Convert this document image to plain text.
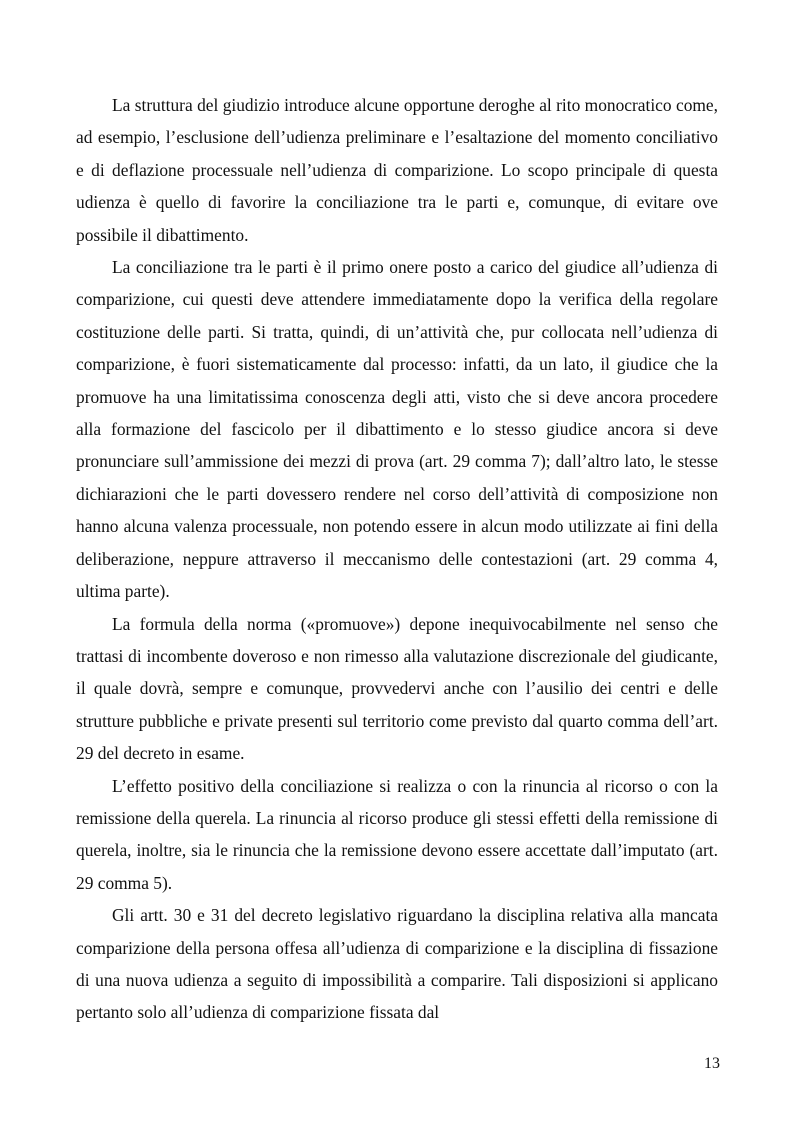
La struttura del giudizio introduce alcune opportune deroghe al rito monocratico come, ad esempio, l’esclusione dell’udienza preliminare e l’esaltazione del momento conciliativo e di deflazione processuale nell’udienza di comparizione. Lo scopo principale di questa udienza è quello di favorire la conciliazione tra le parti e, comunque, di evitare ove possibile il dibattimento.

La conciliazione tra le parti è il primo onere posto a carico del giudice all’udienza di comparizione, cui questi deve attendere immediatamente dopo la verifica della regolare costituzione delle parti. Si tratta, quindi, di un’attività che, pur collocata nell’udienza di comparizione, è fuori sistematicamente dal processo: infatti, da un lato, il giudice che la promuove ha una limitatissima conoscenza degli atti, visto che si deve ancora procedere alla formazione del fascicolo per il dibattimento e lo stesso giudice ancora si deve pronunciare sull’ammissione dei mezzi di prova (art. 29 comma 7); dall’altro lato, le stesse dichiarazioni che le parti dovessero rendere nel corso dell’attività di composizione non hanno alcuna valenza processuale, non potendo essere in alcun modo utilizzate ai fini della deliberazione, neppure attraverso il meccanismo delle contestazioni (art. 29 comma 4, ultima parte).

La formula della norma («promuove») depone inequivocabilmente nel senso che trattasi di incombente doveroso e non rimesso alla valutazione discrezionale del giudicante, il quale dovrà, sempre e comunque, provvedervi anche con l’ausilio dei centri e delle strutture pubbliche e private presenti sul territorio come previsto dal quarto comma dell’art. 29 del decreto in esame.

L’effetto positivo della conciliazione si realizza o con la rinuncia al ricorso o con la remissione della querela. La rinuncia al ricorso produce gli stessi effetti della remissione di querela, inoltre, sia le rinuncia che la remissione devono essere accettate dall’imputato (art. 29 comma 5).

Gli artt. 30 e 31 del decreto legislativo riguardano la disciplina relativa alla mancata comparizione della persona offesa all’udienza di comparizione e la disciplina di fissazione di una nuova udienza a seguito di impossibilità a comparire. Tali disposizioni si applicano pertanto solo all’udienza di comparizione fissata dal

13
